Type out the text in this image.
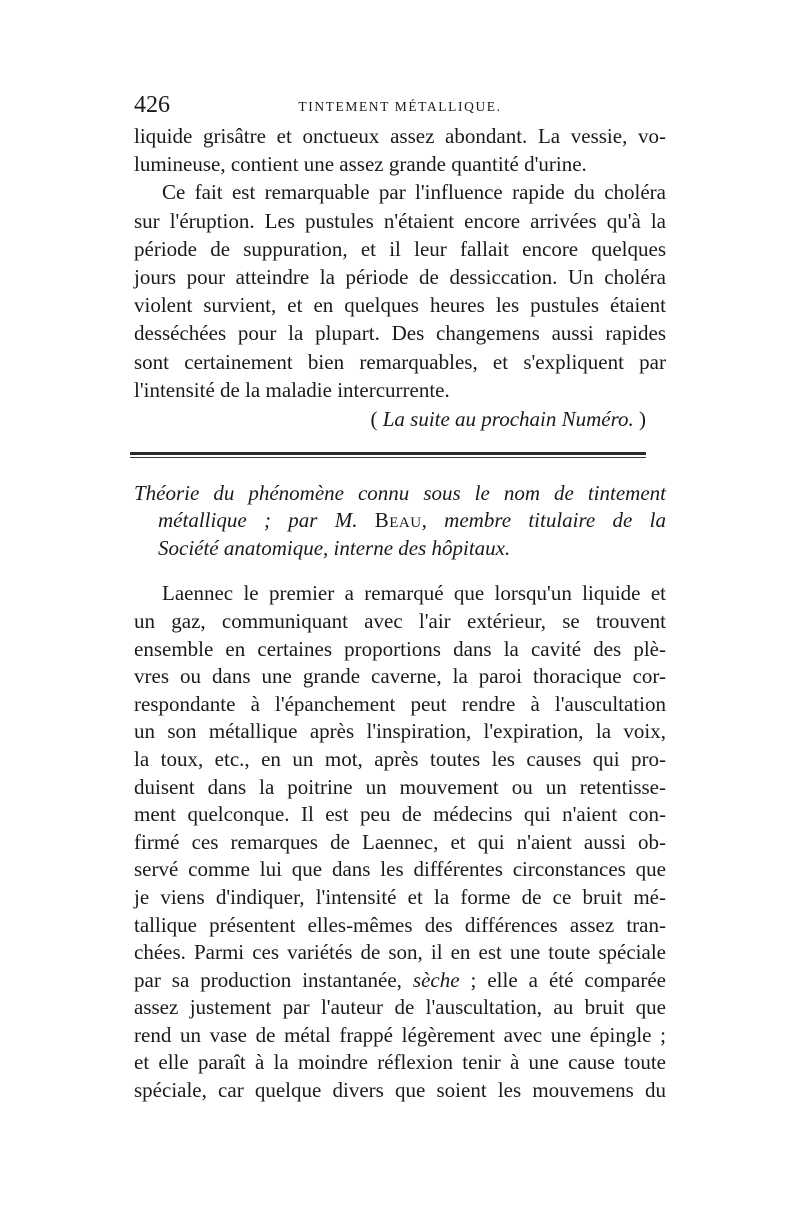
426	TINTEMENT MÉTALLIQUE.
liquide grisâtre et onctueux assez abondant. La vessie, vo-
lumineuse, contient une assez grande quantité d'urine.
Ce fait est remarquable par l'influence rapide du choléra
sur l'éruption. Les pustules n'étaient encore arrivées qu'à la
période de suppuration, et il leur fallait encore quelques
jours pour atteindre la période de dessiccation. Un choléra
violent survient, et en quelques heures les pustules étaient
desséchées pour la plupart. Des changemens aussi rapides
sont certainement bien remarquables, et s'expliquent par
l'intensité de la maladie intercurrente.
( La suite au prochain Numéro. )
Théorie du phénomène connu sous le nom de tintement
métallique ; par M. Beau, membre titulaire de la
Société anatomique, interne des hôpitaux.
Laennec le premier a remarqué que lorsqu'un liquide et
un gaz, communiquant avec l'air extérieur, se trouvent
ensemble en certaines proportions dans la cavité des plè-
vres ou dans une grande caverne, la paroi thoracique cor-
respondante à l'épanchement peut rendre à l'auscultation
un son métallique après l'inspiration, l'expiration, la voix,
la toux, etc., en un mot, après toutes les causes qui pro-
duisent dans la poitrine un mouvement ou un retentisse-
ment quelconque. Il est peu de médecins qui n'aient con-
firmé ces remarques de Laennec, et qui n'aient aussi ob-
servé comme lui que dans les différentes circonstances que
je viens d'indiquer, l'intensité et la forme de ce bruit mé-
tallique présentent elles-mêmes des différences assez tran-
chées. Parmi ces variétés de son, il en est une toute spéciale
par sa production instantanée, sèche ; elle a été comparée
assez justement par l'auteur de l'auscultation, au bruit que
rend un vase de métal frappé légèrement avec une épingle ;
et elle paraît à la moindre réflexion tenir à une cause toute
spéciale, car quelque divers que soient les mouvemens du
